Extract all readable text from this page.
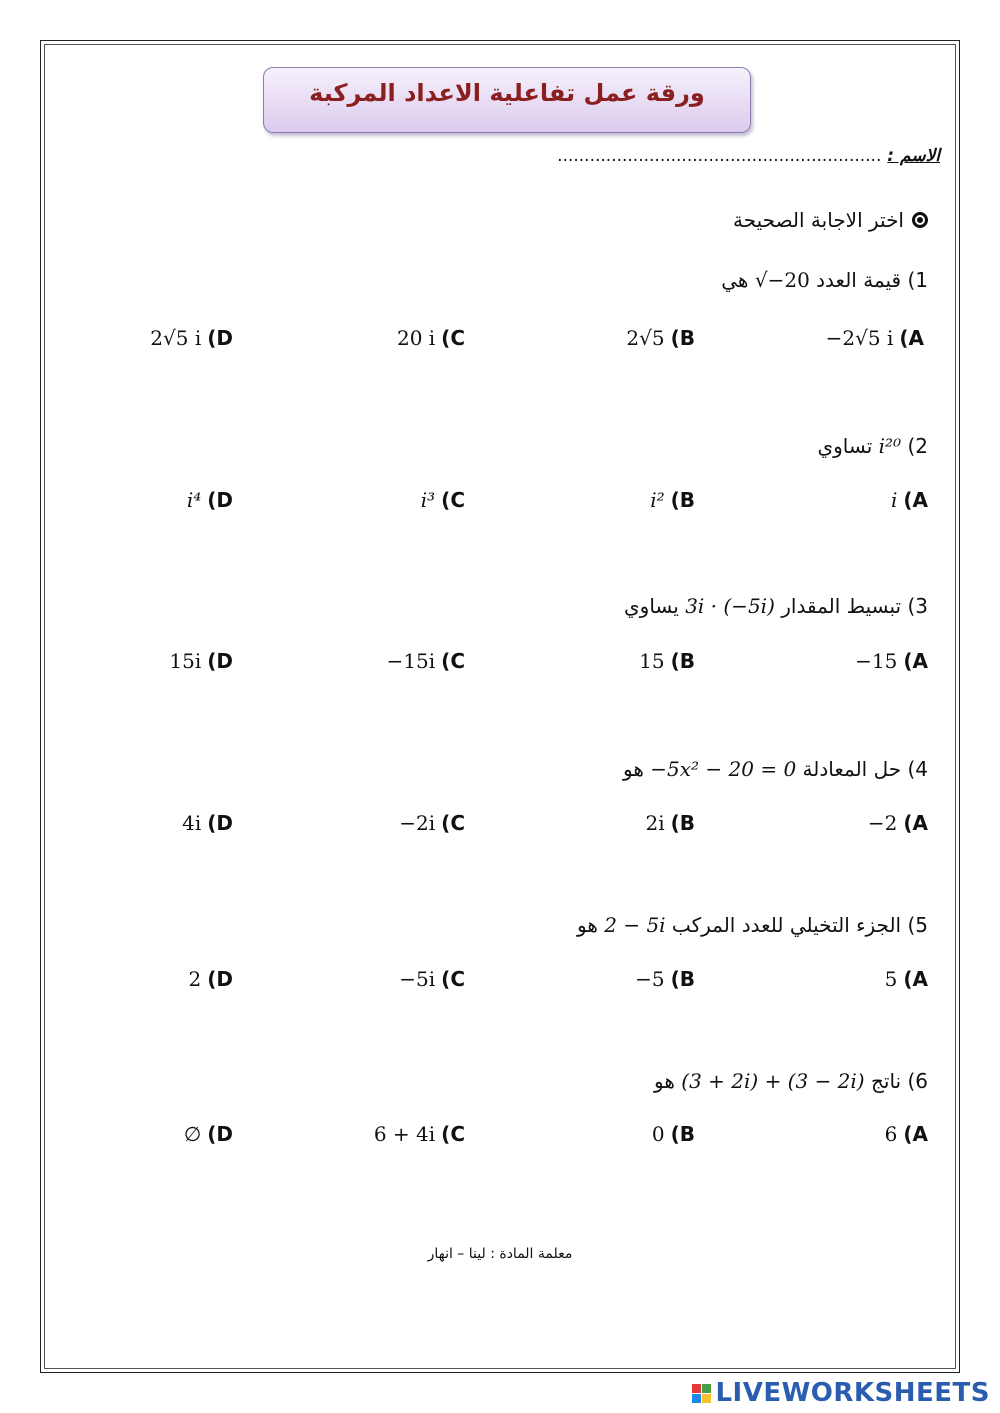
ورقة عمل تفاعلية الاعداد المركبة
الاسم : ............................................................
اختر الاجابة الصحيحة
1) قيمة العدد √−20 هي
−2√5 i (A
2√5 (B
20 i (C
2√5 i (D
2) i²⁰ تساوي
i (A
i² (B
i³ (C
i⁴ (D
3) تبسيط المقدار 3i · (−5i) يساوي
−15 (A
15 (B
−15i (C
15i (D
4) حل المعادلة −5x² − 20 = 0 هو
−2 (A
2i (B
−2i (C
4i (D
5) الجزء التخيلي للعدد المركب 2 − 5i هو
5 (A
−5 (B
−5i (C
2 (D
6) ناتج (3 + 2i) + (3 − 2i) هو
6 (A
0 (B
6 + 4i (C
∅ (D
معلمة المادة : لينا – انهار
LIVEWORKSHEETS
